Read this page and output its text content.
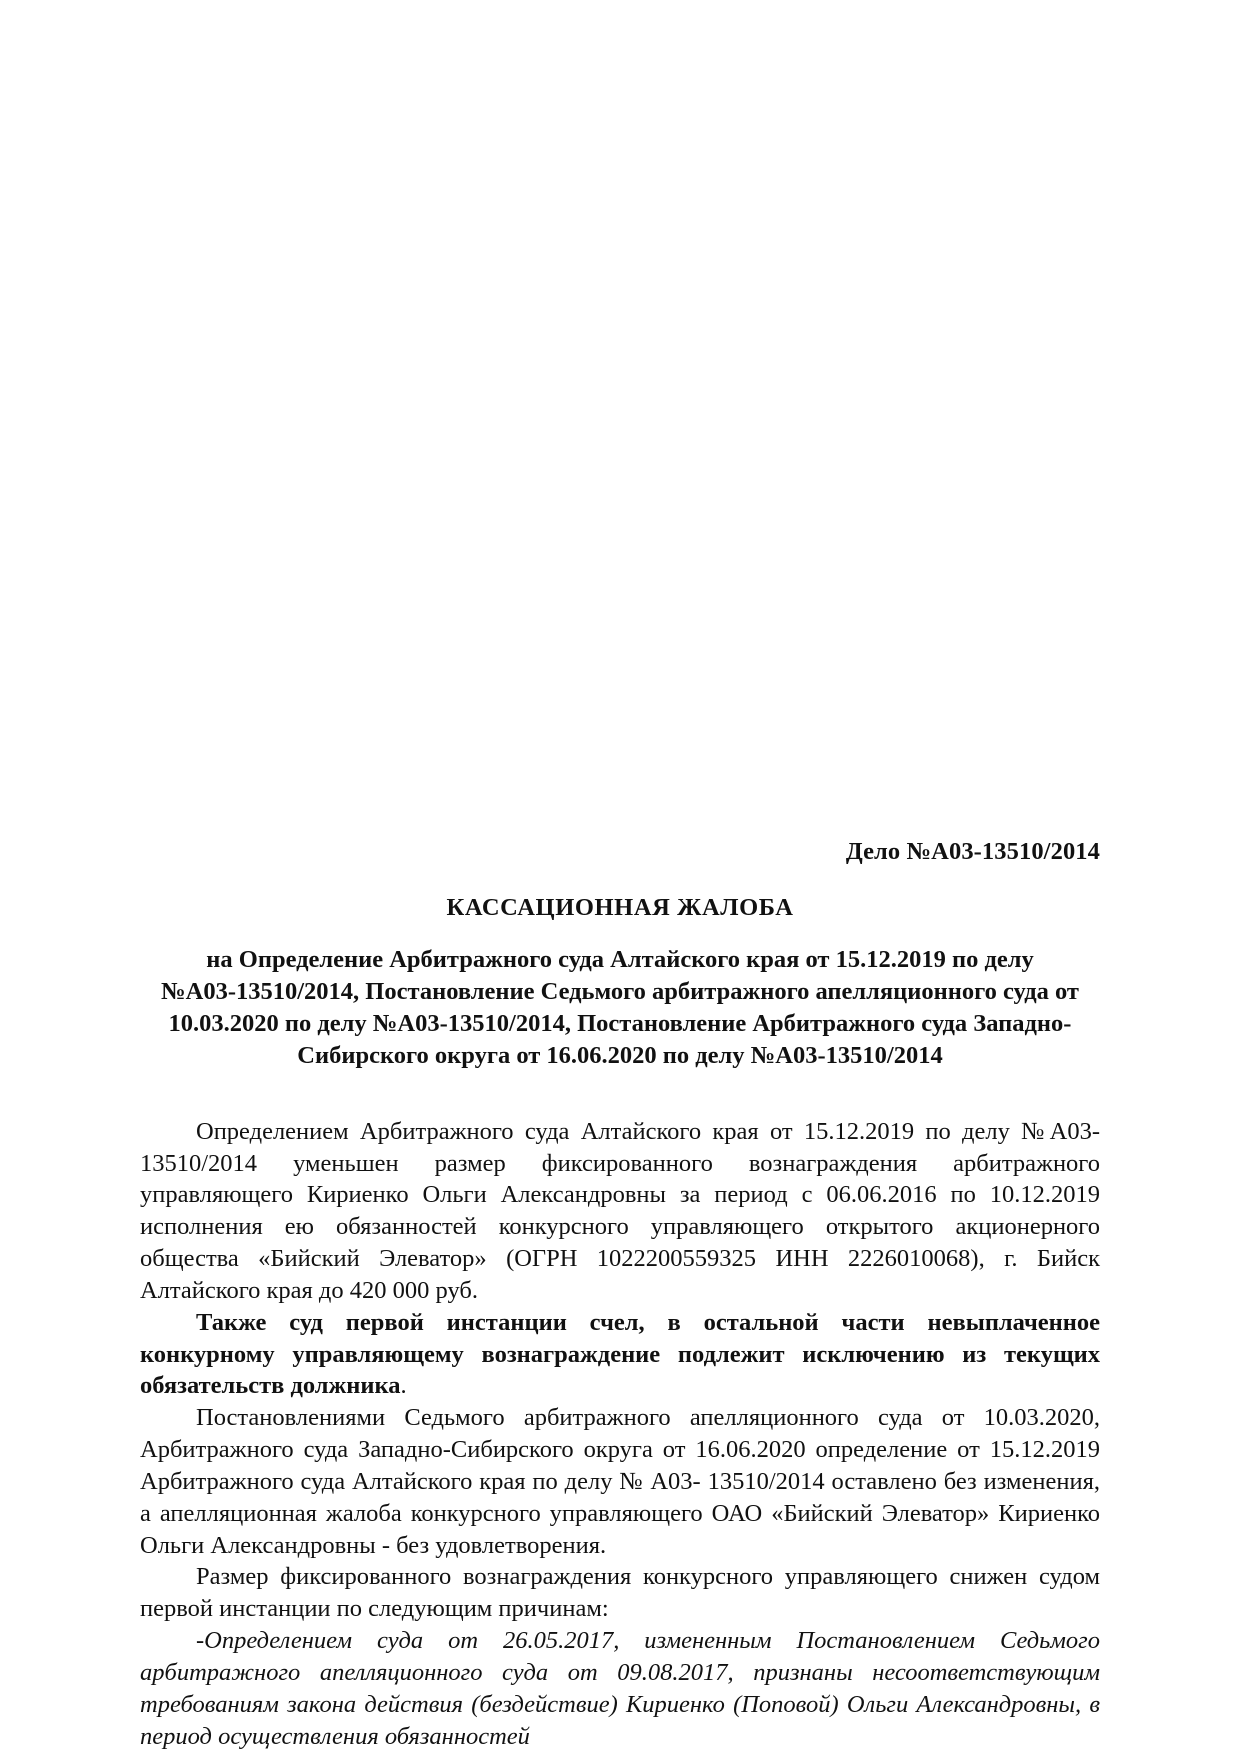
Дело №А03-13510/2014
КАССАЦИОННАЯ ЖАЛОБА
на Определение Арбитражного суда Алтайского края от 15.12.2019 по делу
№А03-13510/2014, Постановление Седьмого арбитражного апелляционного суда от
10.03.2020 по делу №А03-13510/2014, Постановление Арбитражного суда Западно-
Сибирского округа от 16.06.2020 по делу №А03-13510/2014

Определением Арбитражного суда Алтайского края от 15.12.2019 по делу №А03-13510/2014 уменьшен размер фиксированного вознаграждения арбитражного управляющего Кириенко Ольги Александровны за период с 06.06.2016 по 10.12.2019 исполнения ею обязанностей конкурсного управляющего открытого акционерного общества «Бийский Элеватор» (ОГРН 1022200559325 ИНН 2226010068), г. Бийск Алтайского края до 420 000 руб.

Также суд первой инстанции счел, в остальной части невыплаченное конкурному управляющему вознаграждение подлежит исключению из текущих обязательств должника.

Постановлениями Седьмого арбитражного апелляционного суда от 10.03.2020, Арбитражного суда Западно-Сибирского округа от 16.06.2020 определение от 15.12.2019 Арбитражного суда Алтайского края по делу № А03- 13510/2014 оставлено без изменения, а апелляционная жалоба конкурсного управляющего ОАО «Бийский Элеватор» Кириенко Ольги Александровны - без удовлетворения.

Размер фиксированного вознаграждения конкурсного управляющего снижен судом первой инстанции по следующим причинам:

-Определением суда от 26.05.2017, измененным Постановлением Седьмого арбитражного апелляционного суда от 09.08.2017, признаны несоответствующим требованиям закона действия (бездействие) Кириенко (Поповой) Ольги Александровны, в период осуществления обязанностей
